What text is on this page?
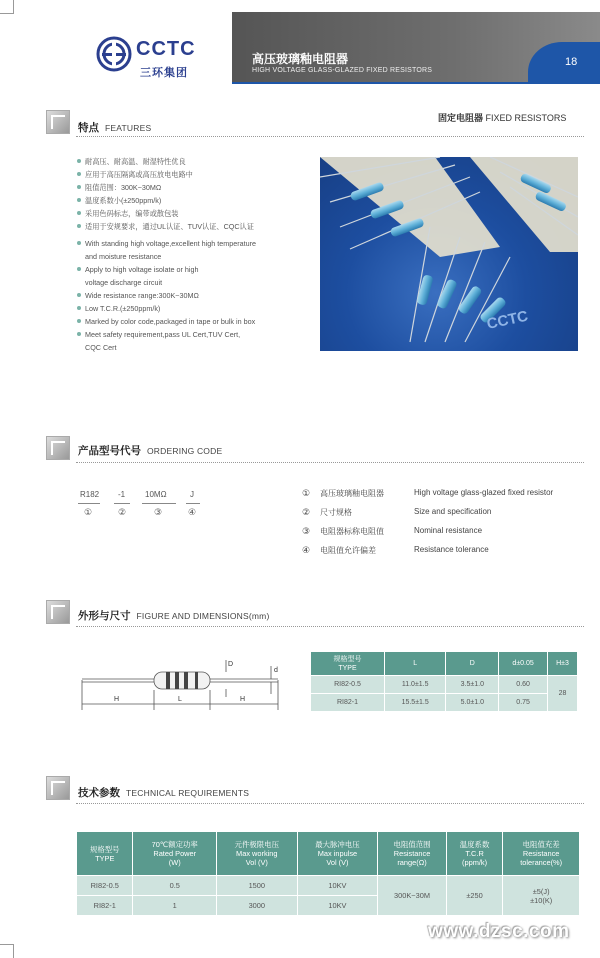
CCTC
三环集团
高压玻璃釉电阻器
HIGH VOLTAGE GLASS-GLAZED FIXED RESISTORS
18
特点 FEATURES
固定电阻器 FIXED RESISTORS
耐高压、耐高温、耐湿特性优良
应用于高压隔离或高压放电电路中
阻值范围：300K~30MΩ
温度系数小(±250ppm/k)
采用色码标志，编带或散包装
适用于安规要求，通过UL认证、TUV认证、CQC认证
With standing high voltage,excellent high temperature
and moisture resistance
Apply to high voltage isolate or high
voltage discharge circuit
Wide resistance range:300K~30MΩ
Low T.C.R.(±250ppm/k)
Marked by color code,packaged in tape or bulk in box
Meet safety requirement,pass UL Cert,TUV Cert,
CQC Cert
CCTC
产品型号代号 ORDERING CODE
R182 -1 10MΩ	J
①	②	③	④
① 高压玻璃釉电阻器	High voltage glass-glazed fixed resistor
② 尺寸规格	Size and specification
③ 电阻器标称电阻值	Nominal resistance
④ 电阻值允许偏差	Resistance tolerance
外形与尺寸 FIGURE AND DIMENSIONS(mm)
H	L	H
D
d
规格型号
TYPE	L	D	d±0.05	H±3
RI82-0.5	11.0±1.5	3.5±1.0	0.60	28
RI82-1	15.5±1.5	5.0±1.0	0.75	
技术参数 TECHNICAL REQUIREMENTS
规格型号
TYPE	70℃额定功率
Rated Power
(W)	元件极限电压
Max working
Vol (V)	最大脉冲电压
Max inpulse
Vol (V)	电阻值范围
Resistance
range(Ω)	温度系数
T.C.R
(ppm/k)	电阻值充差
Resistance
tolerance(%)
RI82-0.5	0.5	1500	10KV	300K~30M	±250	±5(J)
±10(K)
RI82-1	1	3000	10KV			
www.dzsc.com
